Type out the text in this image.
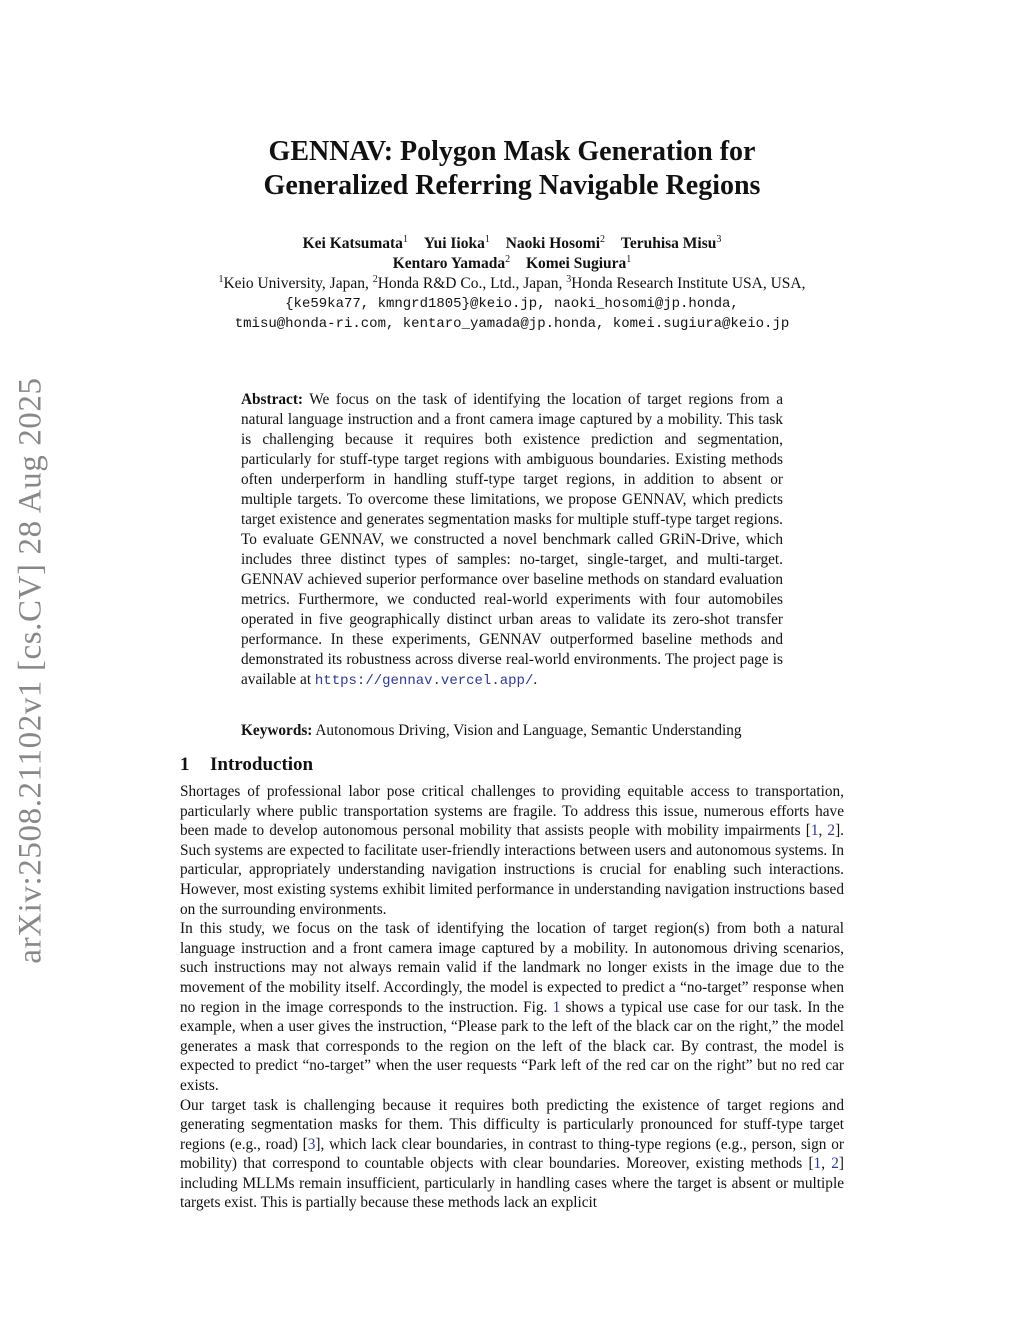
arXiv:2508.21102v1 [cs.CV] 28 Aug 2025
GENNAV: Polygon Mask Generation for
Generalized Referring Navigable Regions
Kei Katsumata$^1$ Yui Iioka$^1$ Naoki Hosomi$^2$ Teruhisa Misu$^3$
Kentaro Yamada$^2$ Komei Sugiura$^1$
$^1$Keio University, Japan, $^2$Honda R&D Co., Ltd., Japan, $^3$Honda Research Institute USA, USA,
{ke59ka77, kmngrd1805}@keio.jp, naoki_hosomi@jp.honda,
tmisu@honda-ri.com, kentaro_yamada@jp.honda, komei.sugiura@keio.jp

Abstract: We focus on the task of identifying the location of target regions from a natural language instruction and a front camera image captured by a mobility. This task is challenging because it requires both existence prediction and segmentation, particularly for stuff-type target regions with ambiguous boundaries. Existing methods often underperform in handling stuff-type target regions, in addition to absent or multiple targets. To overcome these limitations, we propose GENNAV, which predicts target existence and generates segmentation masks for multiple stuff-type target regions. To evaluate GENNAV, we constructed a novel benchmark called GRiN-Drive, which includes three distinct types of samples: no-target, single-target, and multi-target. GENNAV achieved superior performance over baseline methods on standard evaluation metrics. Furthermore, we conducted real-world experiments with four automobiles operated in five geographically distinct urban areas to validate its zero-shot transfer performance. In these experiments, GENNAV outperformed baseline methods and demonstrated its robustness across diverse real-world environments. The project page is available at https://gennav.vercel.app/.

Keywords: Autonomous Driving, Vision and Language, Semantic Understanding

1 Introduction

Shortages of professional labor pose critical challenges to providing equitable access to transportation, particularly where public transportation systems are fragile. To address this issue, numerous efforts have been made to develop autonomous personal mobility that assists people with mobility impairments [1, 2]. Such systems are expected to facilitate user-friendly interactions between users and autonomous systems. In particular, appropriately understanding navigation instructions is crucial for enabling such interactions. However, most existing systems exhibit limited performance in understanding navigation instructions based on the surrounding environments.

In this study, we focus on the task of identifying the location of target region(s) from both a natural language instruction and a front camera image captured by a mobility. In autonomous driving scenarios, such instructions may not always remain valid if the landmark no longer exists in the image due to the movement of the mobility itself. Accordingly, the model is expected to predict a “no-target” response when no region in the image corresponds to the instruction. Fig. 1 shows a typical use case for our task. In the example, when a user gives the instruction, “Please park to the left of the black car on the right,” the model generates a mask that corresponds to the region on the left of the black car. By contrast, the model is expected to predict “no-target” when the user requests “Park left of the red car on the right” but no red car exists.

Our target task is challenging because it requires both predicting the existence of target regions and generating segmentation masks for them. This difficulty is particularly pronounced for stuff-type target regions (e.g., road) [3], which lack clear boundaries, in contrast to thing-type regions (e.g., person, sign or mobility) that correspond to countable objects with clear boundaries. Moreover, existing methods [1, 2] including MLLMs remain insufficient, particularly in handling cases where the target is absent or multiple targets exist. This is partially because these methods lack an explicit
